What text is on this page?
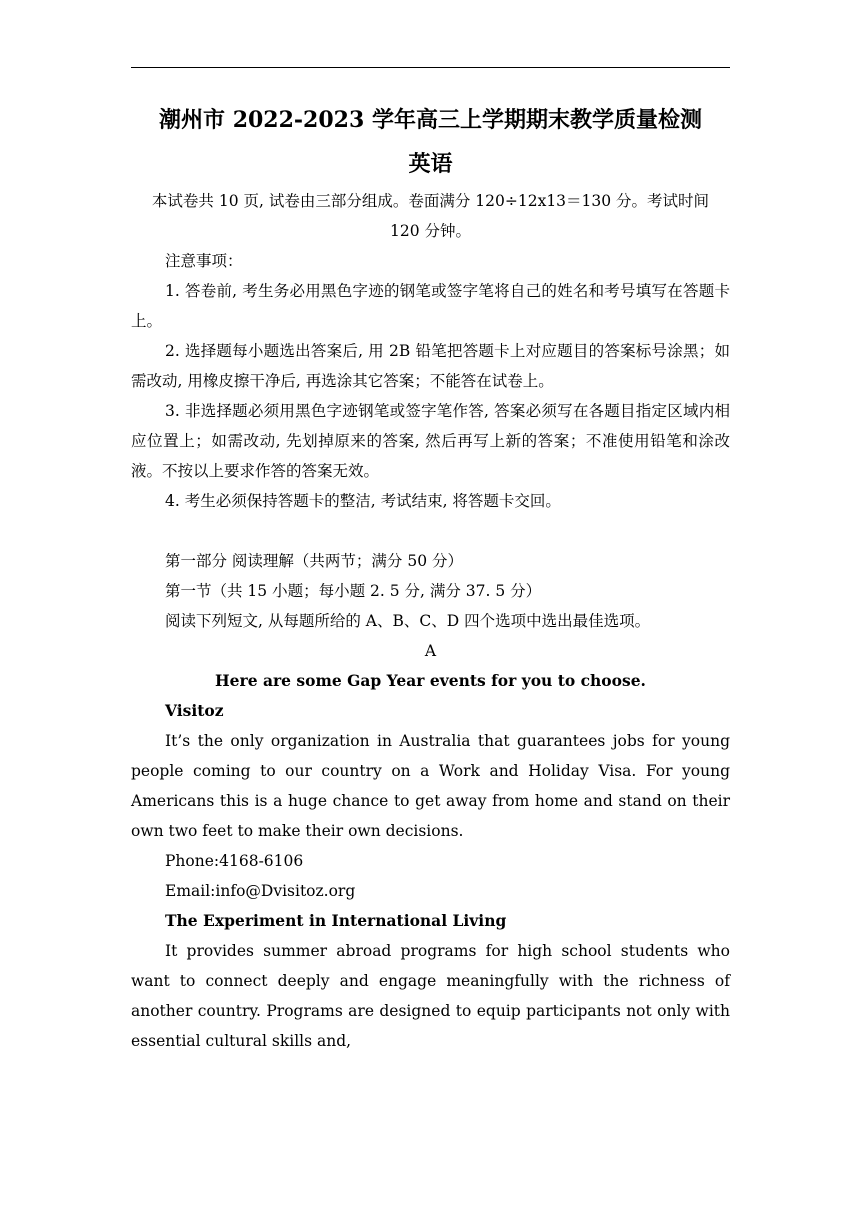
潮州市 2022-2023 学年高三上学期期末教学质量检测

英语

本试卷共 10 页, 试卷由三部分组成。卷面满分 120÷12x13＝130 分。考试时间

120 分钟。

注意事项：

1. 答卷前, 考生务必用黑色字迹的钢笔或签字笔将自己的姓名和考号填写在答题卡上。

2. 选择题每小题选出答案后, 用 2B 铅笔把答题卡上对应题目的答案标号涂黑；如需改动, 用橡皮擦干净后, 再选涂其它答案；不能答在试卷上。

3. 非选择题必须用黑色字迹钢笔或签字笔作答, 答案必须写在各题目指定区域内相应位置上；如需改动, 先划掉原来的答案, 然后再写上新的答案；不准使用铅笔和涂改液。不按以上要求作答的答案无效。

4. 考生必须保持答题卡的整洁, 考试结束, 将答题卡交回。

第一部分 阅读理解（共两节；满分 50 分）

第一节（共 15 小题；每小题 2. 5 分, 满分 37. 5 分）

阅读下列短文, 从每题所给的 A、B、C、D 四个选项中选出最佳选项。

A

Here are some Gap Year events for you to choose.

Visitoz

It’s the only organization in Australia that guarantees jobs for young people coming to our country on a Work and Holiday Visa. For young Americans this is a huge chance to get away from home and stand on their own two feet to make their own decisions.

Phone:4168-6106

Email:info@Dvisitoz.org

The Experiment in International Living

It provides summer abroad programs for high school students who want to connect deeply and engage meaningfully with the richness of another country. Programs are designed to equip participants not only with essential cultural skills and,
